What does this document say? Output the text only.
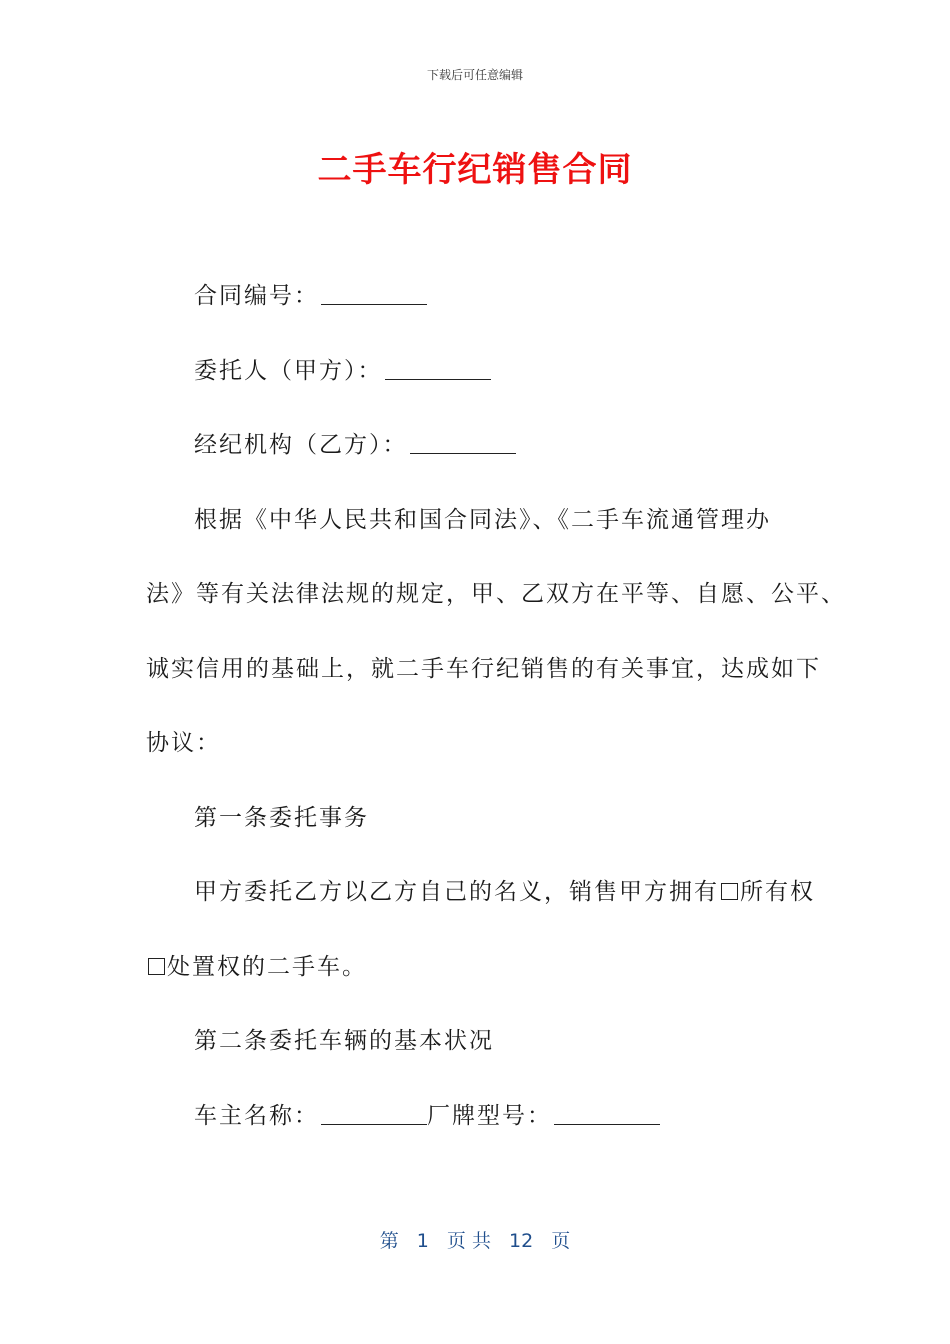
下载后可任意编辑
二手车行纪销售合同
合同编号：
委托人（甲方）：
经纪机构（乙方）：
根据《中华人民共和国合同法》、《二手车流通管理办
法》等有关法律法规的规定，甲、乙双方在平等、自愿、公平、
诚实信用的基础上，就二手车行纪销售的有关事宜，达成如下
协议：
第一条委托事务
甲方委托乙方以乙方自己的名义，销售甲方拥有 所有权
处置权的二手车。
第二条委托车辆的基本状况
车主名称：	厂牌型号：
第 1 页 共 12 页
